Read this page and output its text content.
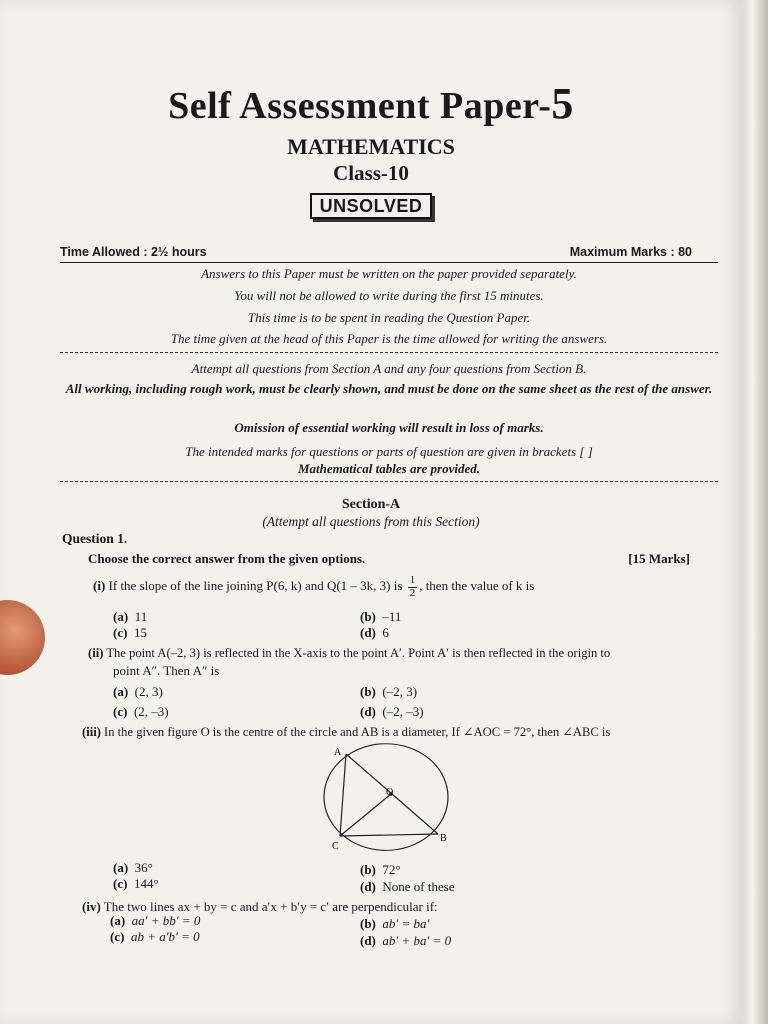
Self Assessment Paper-5
MATHEMATICS
Class-10
UNSOLVED
Time Allowed : 2½ hours	Maximum Marks : 80
Answers to this Paper must be written on the paper provided separately.
You will not be allowed to write during the first 15 minutes.
This time is to be spent in reading the Question Paper.
The time given at the head of this Paper is the time allowed for writing the answers.
Attempt all questions from Section A and any four questions from Section B.
All working, including rough work, must be clearly shown, and must be done on the same sheet as the rest of the answer.
Omission of essential working will result in loss of marks.
The intended marks for questions or parts of question are given in brackets [ ]
Mathematical tables are provided.
Section-A
(Attempt all questions from this Section)
Question 1.
Choose the correct answer from the given options.	[15 Marks]
(i) If the slope of the line joining P(6, k) and Q(1 – 3k, 3) is $\frac{1}{2}$ , then the value of k is
(a) 11	(b) –11
(c) 15	(d) 6
(ii) The point A(–2, 3) is reflected in the X-axis to the point A′. Point A′ is then reflected in the origin to
point A″. Then A″ is
(a) (2, 3)	(b) (–2, 3)
(c) (2, –3)	(d) (–2, –3)
(iii) In the given figure O is the centre of the circle and AB is a diameter, If ∠AOC = 72°, then ∠ABC is
A
O
B
C
(a) 36°	(b) 72°
(c) 144°	(d) None of these
(iv) The two lines ax + by = c and a′x + b′y = c′ are perpendicular if:
(a) aa′ + bb′ = 0	(b) ab′ = ba′
(c) ab + a′b′ = 0	(d) ab′ + ba′ = 0
